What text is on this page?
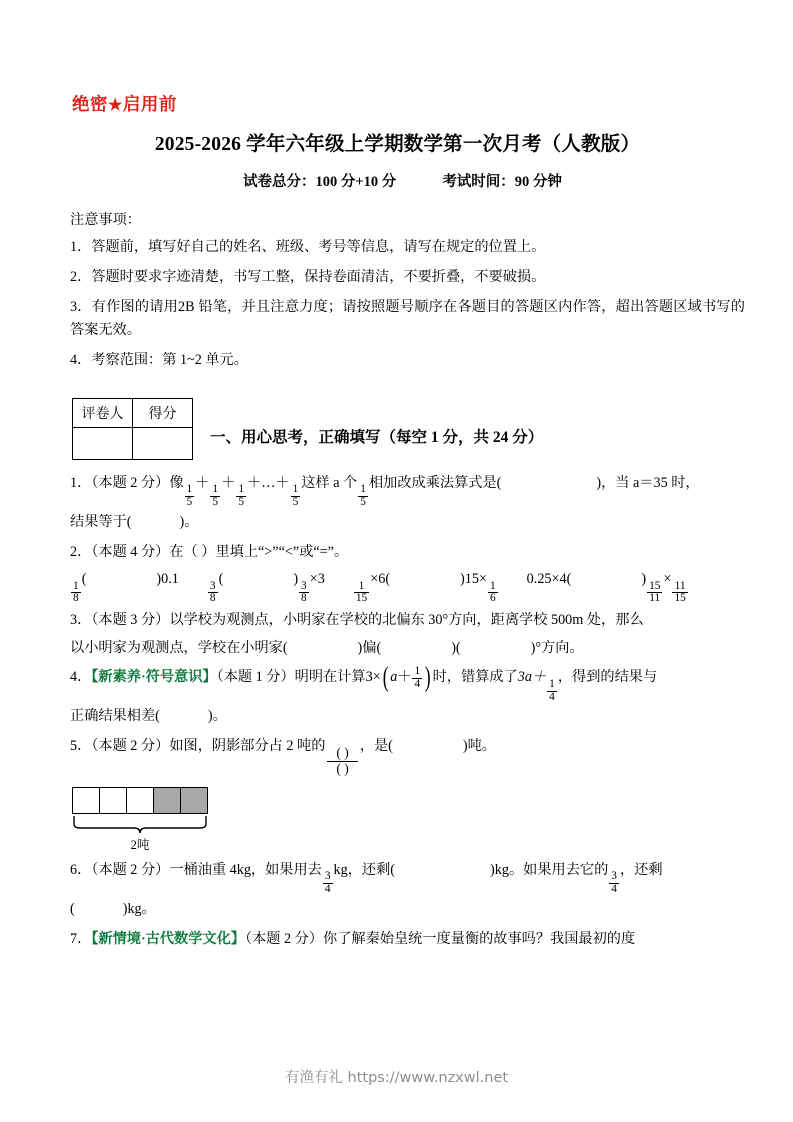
绝密★启用前
2025-2026 学年六年级上学期数学第一次月考（人教版）
试卷总分：100 分+10 分	考试时间：90 分钟
注意事项：
1．答题前，填写好自己的姓名、班级、考号等信息，请写在规定的位置上。
2．答题时要求字迹清楚，书写工整，保持卷面清洁，不要折叠，不要破损。
3．有作图的请用2B 铅笔，并且注意力度；请按照题号顺序在各题目的答题区内作答，超出答题区域书写的答案无效。
4．考察范围：第 1~2 单元。
评卷人	得分

一、用心思考，正确填写（每空 1 分，共 24 分）
1．（本题 2 分）像
$\frac{1}{5}$
＋
$\frac{1}{5}$
＋
$\frac{1}{5}$
＋…＋
$\frac{1}{5}$
这样 a 个
$\frac{1}{5}$
相加改成乘法算式是(	)，当 a＝35 时，
结果等于(	)。
2．（本题 4 分）在（ ）里填上“>”“<”或“=”。
$\frac{1}{8}$
(	)0.1
$\frac{3}{8}$
(	)
$\frac{3}{8}$
×3
$\frac{1}{15}$
×6(	)15×
$\frac{1}{6}$
0.25×4(	)
$\frac{15}{11}$
×
$\frac{11}{15}$
3．（本题 3 分）以学校为观测点，小明家在学校的北偏东 30°方向，距离学校 500m 处，那么
以小明家为观测点，学校在小明家(	)偏(	)(	)°方向。
4．【新素养·符号意识】（本题 1 分）明明在计算3× ( $a + \frac{1}{4}$ ) 时，错算成了3a＋
$\frac{1}{4}$
，得到的结果与
正确结果相差(	)。
5．（本题 2 分）如图，阴影部分占 2 吨的
$\frac{( )}{( )}$
，是(	)吨。
2吨
6．（本题 2 分）一桶油重 4kg，如果用去
$\frac{3}{4}$
kg，还剩(	)kg。如果用去它的
$\frac{3}{4}$
，还剩
(	)kg。
7．【新情境·古代数学文化】（本题 2 分）你了解秦始皇统一度量衡的故事吗？我国最初的度
有渔有礼 https://www.nzxwl.net
